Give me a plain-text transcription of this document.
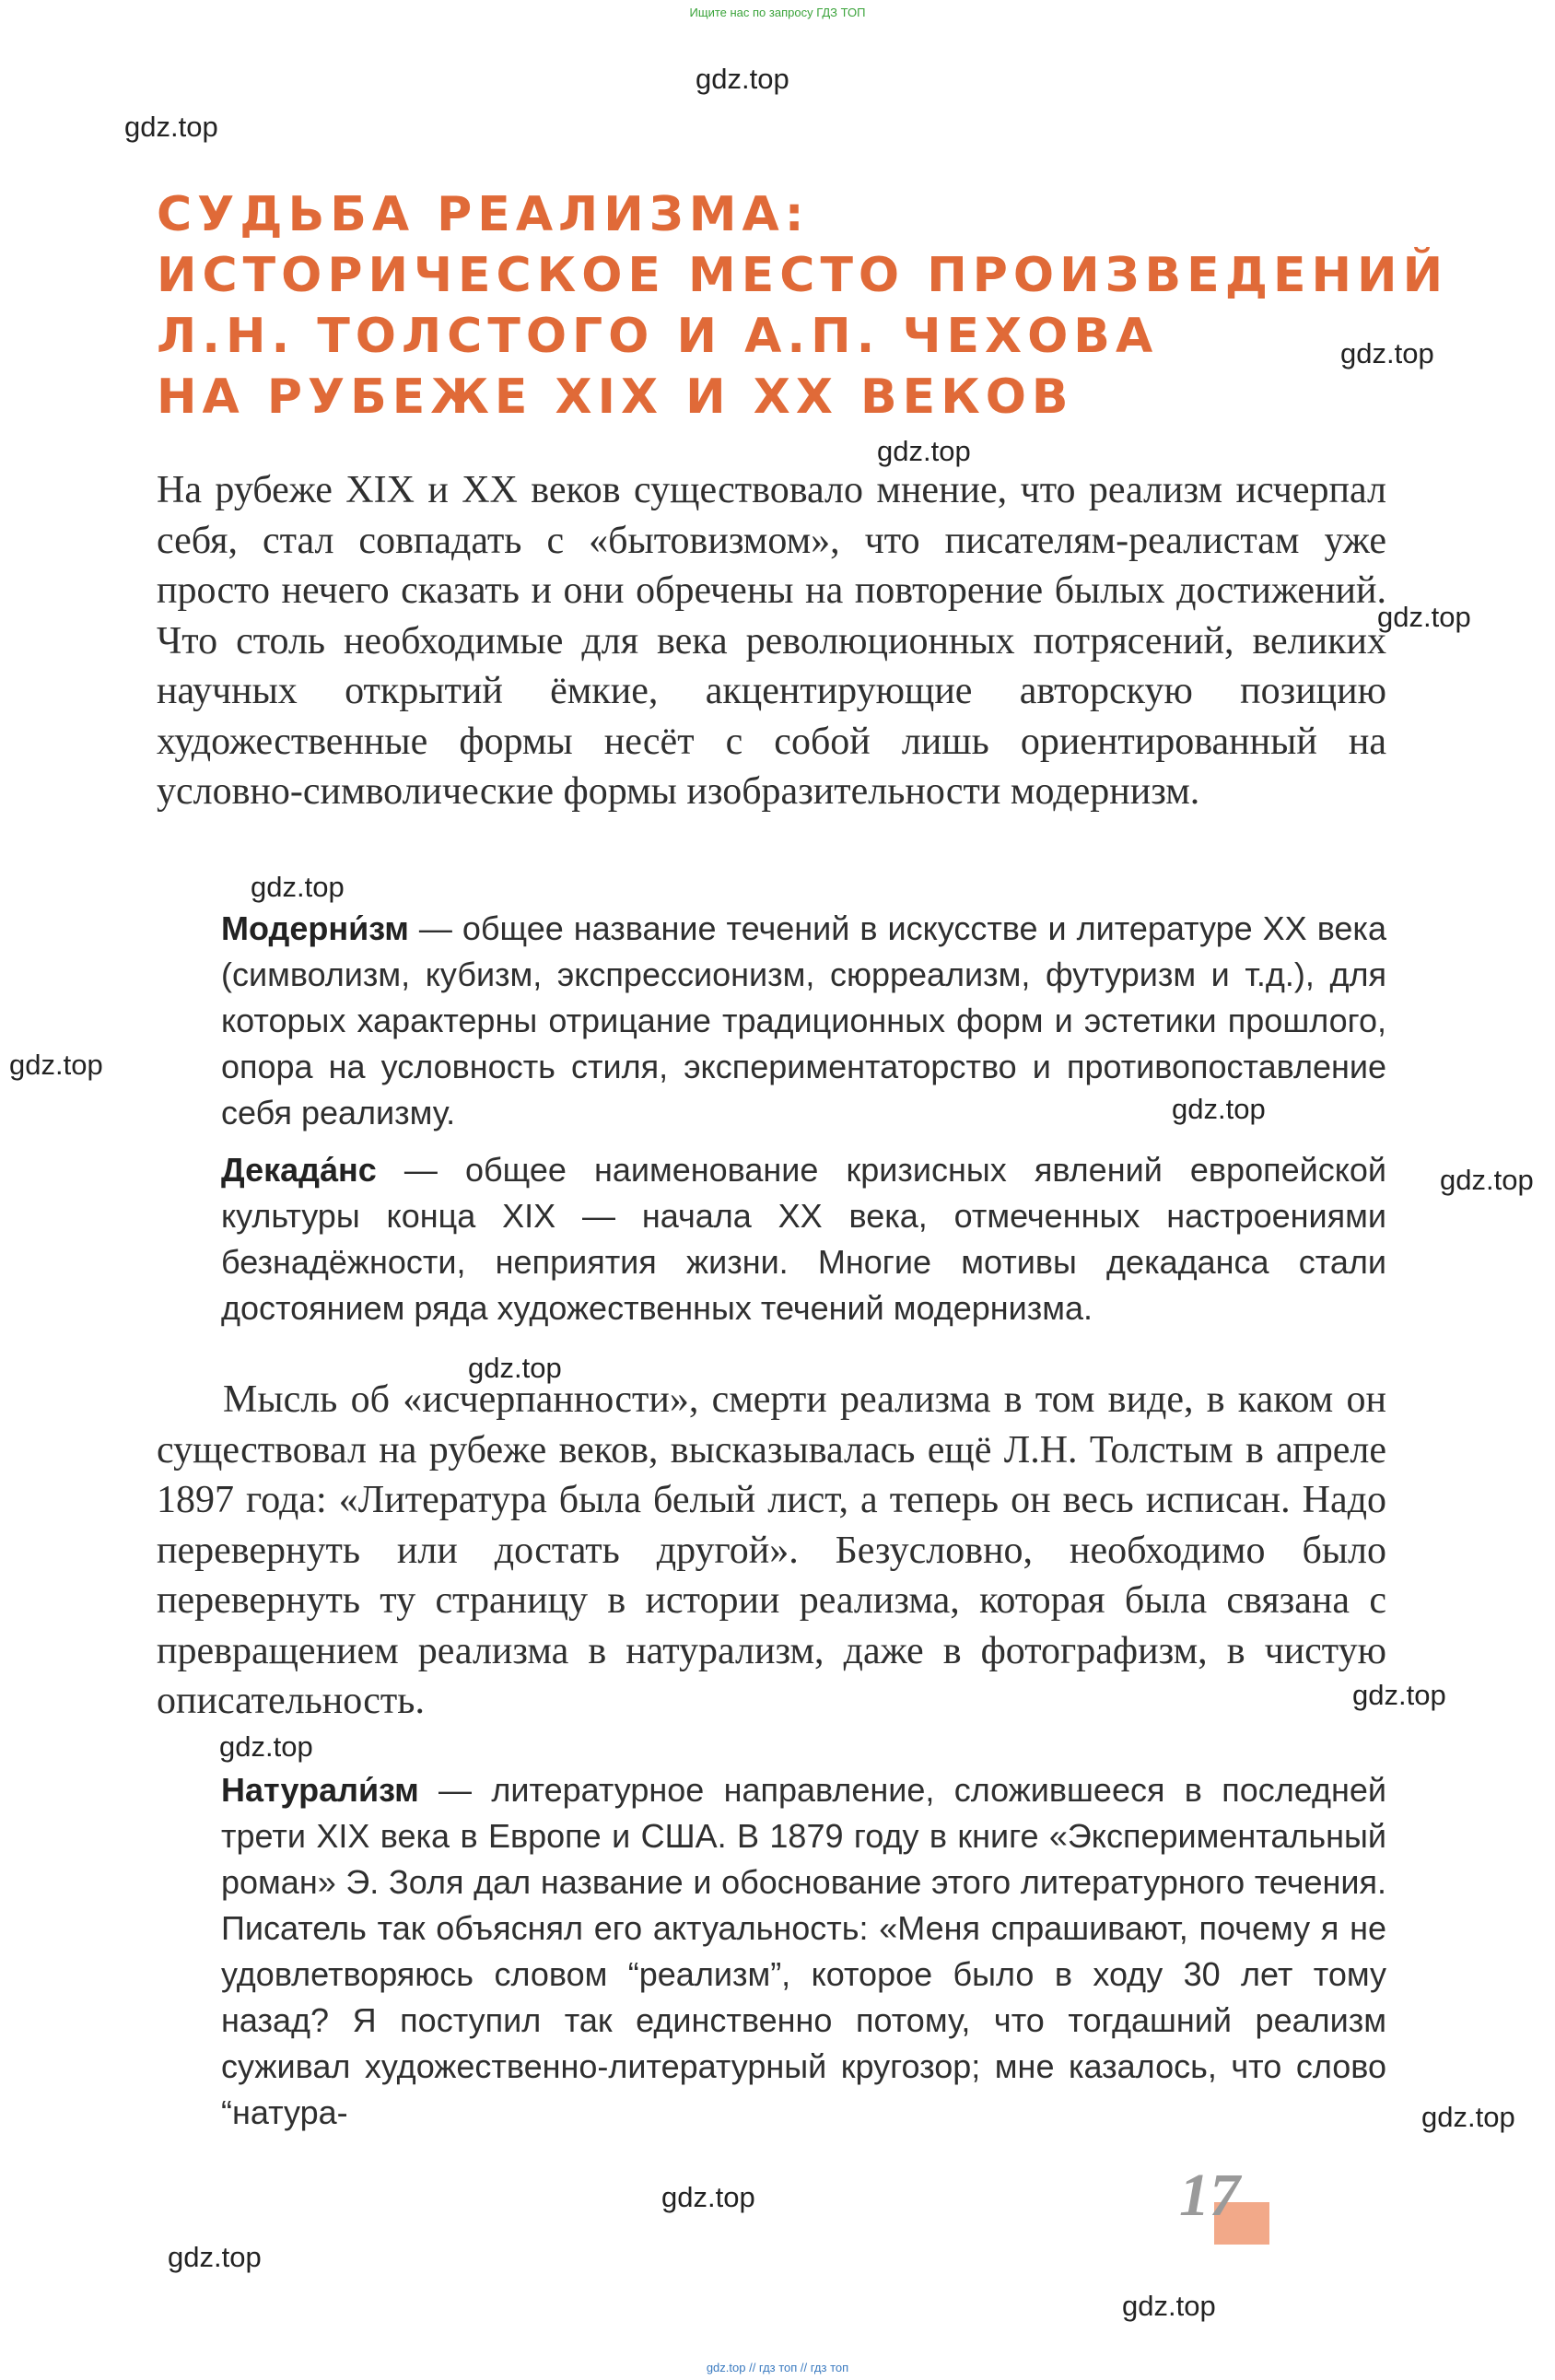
Ищите нас по запросу ГДЗ ТОП
gdz.top // гдз топ // гдз топ
gdz.top
gdz.top
gdz.top
gdz.top
gdz.top
gdz.top
gdz.top
gdz.top
gdz.top
gdz.top
gdz.top
gdz.top
gdz.top
gdz.top
gdz.top
gdz.top
СУДЬБА РЕАЛИЗМА:
ИСТОРИЧЕСКОЕ МЕСТО ПРОИЗВЕДЕНИЙ
Л.Н. ТОЛСТОГО И А.П. ЧЕХОВА
НА РУБЕЖЕ XIX И XX ВЕКОВ

На рубеже XIX и XX веков существовало мнение, что реализм исчерпал себя, стал совпадать с «бытовизмом», что писателям-реалистам уже просто нечего сказать и они обречены на повторение былых достижений. Что столь необходимые для века революционных потрясений, великих научных открытий ёмкие, акцентирующие авторскую позицию художественные формы несёт с собой лишь ориентированный на условно-символические формы изобразительности модернизм.

Модерни́зм — общее название течений в искусстве и литературе XX века (символизм, кубизм, экспрессионизм, сюрреализм, футуризм и т.д.), для которых характерны отрицание традиционных форм и эстетики прошлого, опора на условность стиля, экспериментаторство и противопоставление себя реализму.

Декада́нс — общее наименование кризисных явлений европейской культуры конца XIX — начала XX века, отмеченных настроениями безнадёжности, неприятия жизни. Многие мотивы декаданса стали достоянием ряда художественных течений модернизма.

Мысль об «исчерпанности», смерти реализма в том виде, в каком он существовал на рубеже веков, высказывалась ещё Л.Н. Толстым в апреле 1897 года: «Литература была белый лист, а теперь он весь исписан. Надо перевернуть или достать другой». Безусловно, необходимо было перевернуть ту страницу в истории реализма, которая была связана с превращением реализма в натурализм, даже в фотографизм, в чистую описательность.

Натурали́зм — литературное направление, сложившееся в последней трети XIX века в Европе и США. В 1879 году в книге «Экспериментальный роман» Э. Золя дал название и обоснование этого литературного течения. Писатель так объяснял его актуальность: «Меня спрашивают, почему я не удовлетворяюсь словом “реализм”, которое было в ходу 30 лет тому назад? Я поступил так единственно потому, что тогдашний реализм суживал художественно-литературный кругозор; мне казалось, что слово “натура-

17
